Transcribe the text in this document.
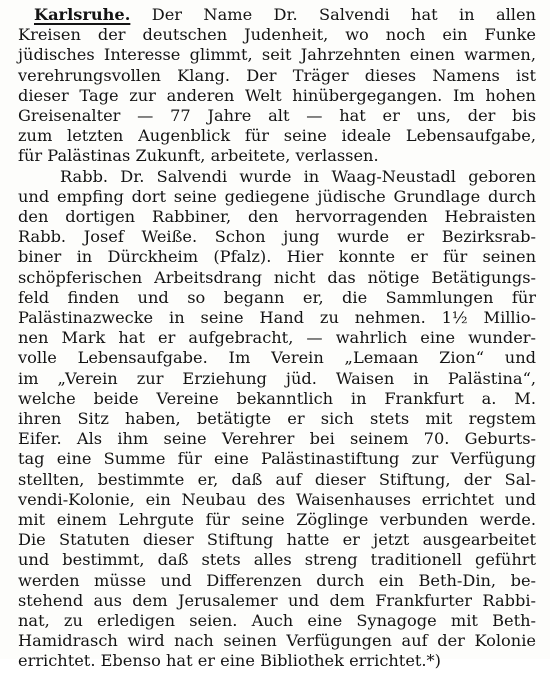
Karlsruhe. Der Name Dr. Salvendi hat in allen
Kreisen der deutschen Judenheit, wo noch ein Funke
jüdisches Interesse glimmt, seit Jahrzehnten einen warmen,
verehrungsvollen Klang. Der Träger dieses Namens ist
dieser Tage zur anderen Welt hinübergegangen. Im hohen
Greisenalter — 77 Jahre alt — hat er uns, der bis
zum letzten Augenblick für seine ideale Lebensaufgabe,
für Palästinas Zukunft, arbeitete, verlassen.
Rabb. Dr. Salvendi wurde in Waag-Neustadl geboren
und empfing dort seine gediegene jüdische Grundlage durch
den dortigen Rabbiner, den hervorragenden Hebraisten
Rabb. Josef Weiße. Schon jung wurde er Bezirksrab-
biner in Dürckheim (Pfalz). Hier konnte er für seinen
schöpferischen Arbeitsdrang nicht das nötige Betätigungs-
feld finden und so begann er, die Sammlungen für
Palästinazwecke in seine Hand zu nehmen. 1½ Millio-
nen Mark hat er aufgebracht, — wahrlich eine wunder-
volle Lebensaufgabe. Im Verein „Lemaan Zion“ und
im „Verein zur Erziehung jüd. Waisen in Palästina“,
welche beide Vereine bekanntlich in Frankfurt a. M.
ihren Sitz haben, betätigte er sich stets mit regstem
Eifer. Als ihm seine Verehrer bei seinem 70. Geburts-
tag eine Summe für eine Palästinastiftung zur Verfügung
stellten, bestimmte er, daß auf dieser Stiftung, der Sal-
vendi-Kolonie, ein Neubau des Waisenhauses errichtet und
mit einem Lehrgute für seine Zöglinge verbunden werde.
Die Statuten dieser Stiftung hatte er jetzt ausgearbeitet
und bestimmt, daß stets alles streng traditionell geführt
werden müsse und Differenzen durch ein Beth-Din, be-
stehend aus dem Jerusalemer und dem Frankfurter Rabbi-
nat, zu erledigen seien. Auch eine Synagoge mit Beth-
Hamidrasch wird nach seinen Verfügungen auf der Kolonie
errichtet. Ebenso hat er eine Bibliothek errichtet.*)
